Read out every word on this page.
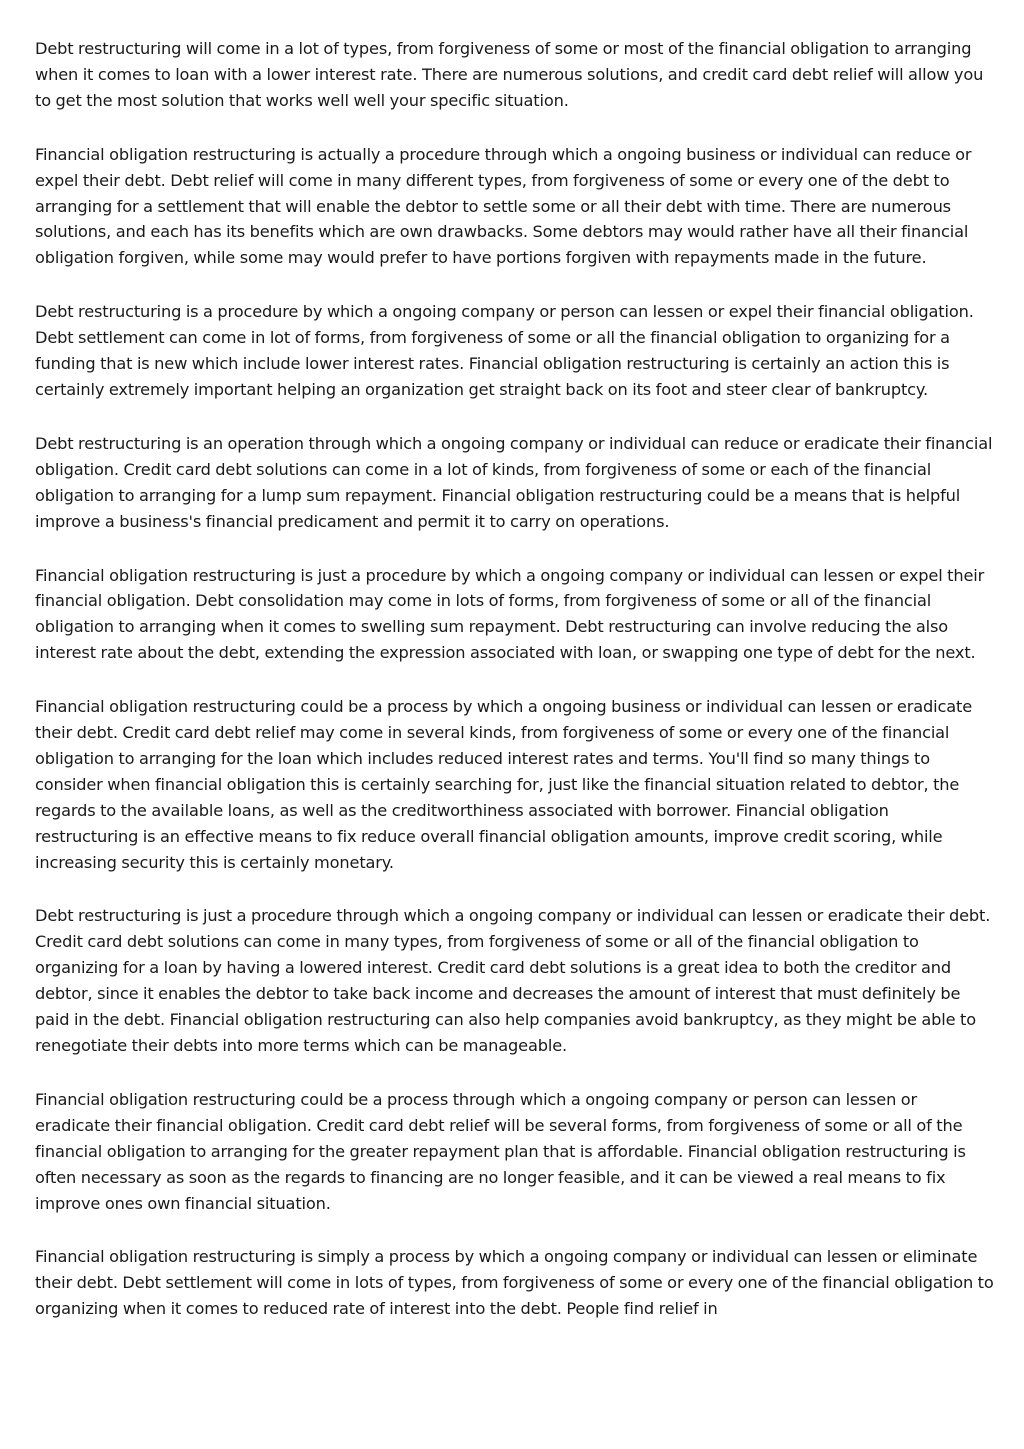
Debt restructuring will come in a lot of types, from forgiveness of some or most of the financial obligation to arranging when it comes to loan with a lower interest rate. There are numerous solutions, and credit card debt relief will allow you to get the most solution that works well well your specific situation.

Financial obligation restructuring is actually a procedure through which a ongoing business or individual can reduce or expel their debt. Debt relief will come in many different types, from forgiveness of some or every one of the debt to arranging for a settlement that will enable the debtor to settle some or all their debt with time. There are numerous solutions, and each has its benefits which are own drawbacks. Some debtors may would rather have all their financial obligation forgiven, while some may would prefer to have portions forgiven with repayments made in the future.

Debt restructuring is a procedure by which a ongoing company or person can lessen or expel their financial obligation. Debt settlement can come in lot of forms, from forgiveness of some or all the financial obligation to organizing for a funding that is new which include lower interest rates. Financial obligation restructuring is certainly an action this is certainly extremely important helping an organization get straight back on its foot and steer clear of bankruptcy.

Debt restructuring is an operation through which a ongoing company or individual can reduce or eradicate their financial obligation. Credit card debt solutions can come in a lot of kinds, from forgiveness of some or each of the financial obligation to arranging for a lump sum repayment. Financial obligation restructuring could be a means that is helpful improve a business's financial predicament and permit it to carry on operations.

Financial obligation restructuring is just a procedure by which a ongoing company or individual can lessen or expel their financial obligation. Debt consolidation may come in lots of forms, from forgiveness of some or all of the financial obligation to arranging when it comes to swelling sum repayment. Debt restructuring can involve reducing the also interest rate about the debt, extending the expression associated with loan, or swapping one type of debt for the next.

Financial obligation restructuring could be a process by which a ongoing business or individual can lessen or eradicate their debt. Credit card debt relief may come in several kinds, from forgiveness of some or every one of the financial obligation to arranging for the loan which includes reduced interest rates and terms. You'll find so many things to consider when financial obligation this is certainly searching for, just like the financial situation related to debtor, the regards to the available loans, as well as the creditworthiness associated with borrower. Financial obligation restructuring is an effective means to fix reduce overall financial obligation amounts, improve credit scoring, while increasing security this is certainly monetary.

Debt restructuring is just a procedure through which a ongoing company or individual can lessen or eradicate their debt. Credit card debt solutions can come in many types, from forgiveness of some or all of the financial obligation to organizing for a loan by having a lowered interest. Credit card debt solutions is a great idea to both the creditor and debtor, since it enables the debtor to take back income and decreases the amount of interest that must definitely be paid in the debt. Financial obligation restructuring can also help companies avoid bankruptcy, as they might be able to renegotiate their debts into more terms which can be manageable.

Financial obligation restructuring could be a process through which a ongoing company or person can lessen or eradicate their financial obligation. Credit card debt relief will be several forms, from forgiveness of some or all of the financial obligation to arranging for the greater repayment plan that is affordable. Financial obligation restructuring is often necessary as soon as the regards to financing are no longer feasible, and it can be viewed a real means to fix improve ones own financial situation.

Financial obligation restructuring is simply a process by which a ongoing company or individual can lessen or eliminate their debt. Debt settlement will come in lots of types, from forgiveness of some or every one of the financial obligation to organizing when it comes to reduced rate of interest into the debt. People find relief in
